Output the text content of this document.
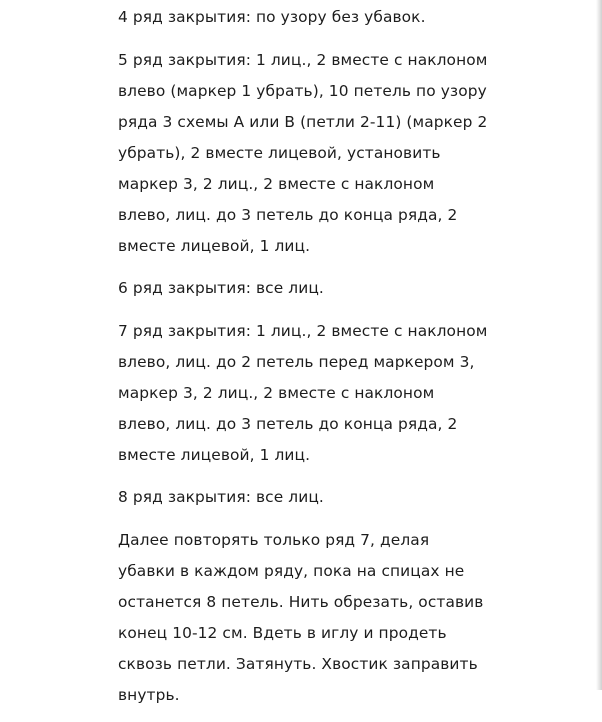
4 ряд закрытия: по узору без убавок.

5 ряд закрытия: 1 лиц., 2 вместе с наклоном
влево (маркер 1 убрать), 10 петель по узору
ряда 3 схемы А или В (петли 2-11) (маркер 2
убрать), 2 вместе лицевой, установить
маркер 3, 2 лиц., 2 вместе с наклоном
влево, лиц. до 3 петель до конца ряда, 2
вместе лицевой, 1 лиц.

6 ряд закрытия: все лиц.

7 ряд закрытия: 1 лиц., 2 вместе с наклоном
влево, лиц. до 2 петель перед маркером 3,
маркер 3, 2 лиц., 2 вместе с наклоном
влево, лиц. до 3 петель до конца ряда, 2
вместе лицевой, 1 лиц.

8 ряд закрытия: все лиц.

Далее повторять только ряд 7, делая
убавки в каждом ряду, пока на спицах не
останется 8 петель. Нить обрезать, оставив
конец 10-12 см. Вдеть в иглу и продеть
сквозь петли. Затянуть. Хвостик заправить
внутрь.
